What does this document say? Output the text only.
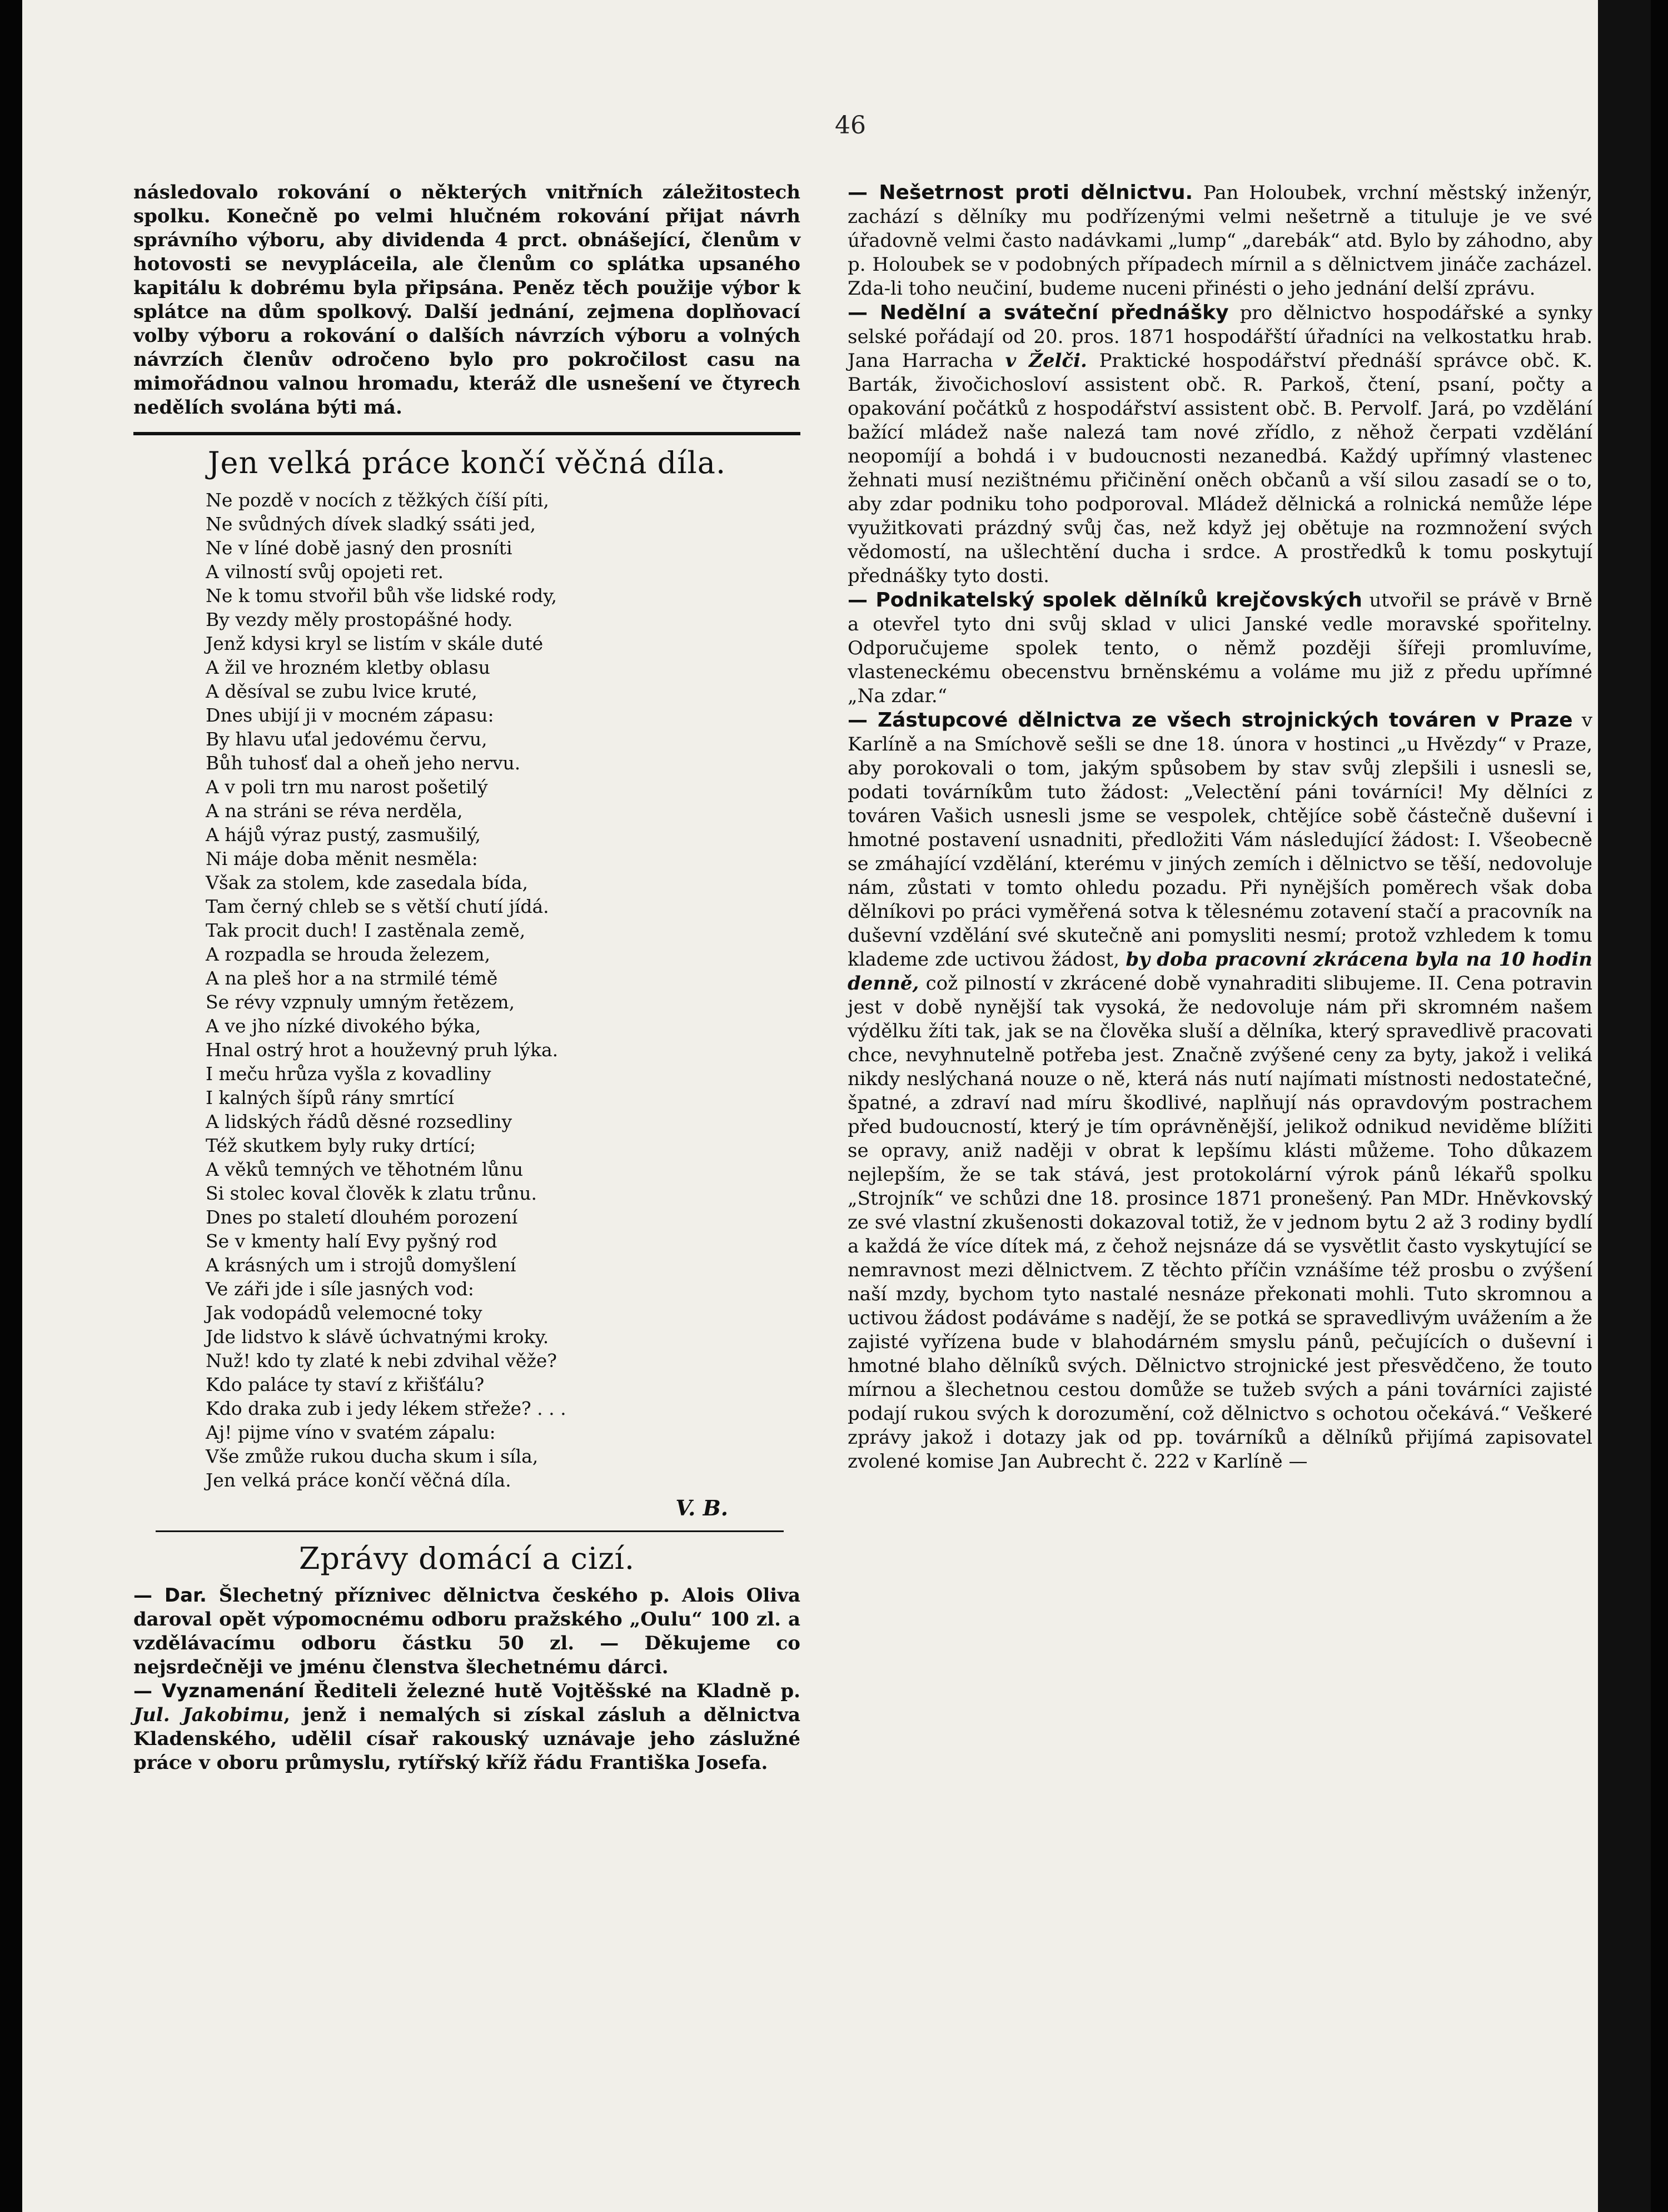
46

následovalo rokování o některých vnitřních záležitostech spolku. Konečně po velmi hlučném rokování přijat návrh správního výboru, aby dividenda 4 prct. obnášející, členům v hotovosti se nevypláceila, ale členům co splátka upsaného kapitálu k dobrému byla připsána. Peněz těch použije výbor k splátce na dům spolkový. Další jednání, zejmena doplňovací volby výboru a rokování o dalších návrzích výboru a volných návrzích členův odročeno bylo pro pokročilost casu na mimořádnou valnou hromadu, kteráž dle usnešení ve čtyrech nedělích svolána býti má.

Jen velká práce končí věčná díla.
Ne pozdě v nocích z těžkých číší píti,
Ne svůdných dívek sladký ssáti jed,
Ne v líné době jasný den prosníti
A vilností svůj opojeti ret.
Ne k tomu stvořil bůh vše lidské rody,
By vezdy měly prostopášné hody.
Jenž kdysi kryl se listím v skále duté
A žil ve hrozném kletby oblasu
A děsíval se zubu lvice kruté,
Dnes ubijí ji v mocném zápasu:
By hlavu uťal jedovému červu,
Bůh tuhosť dal a oheň jeho nervu.
A v poli trn mu narost pošetilý
A na stráni se réva nerděla,
A hájů výraz pustý, zasmušilý,
Ni máje doba měnit nesměla:
Však za stolem, kde zasedala bída,
Tam černý chleb se s větší chutí jídá.
Tak procit duch! I zastěnala země,
A rozpadla se hrouda železem,
A na pleš hor a na strmilé témě
Se révy vzpnuly umným řetězem,
A ve jho nízké divokého býka,
Hnal ostrý hrot a houževný pruh lýka.
I meču hrůza vyšla z kovadliny
I kalných šípů rány smrtící
A lidských řádů děsné rozsedliny
Též skutkem byly ruky drtící;
A věků temných ve těhotném lůnu
Si stolec koval člověk k zlatu trůnu.
Dnes po staletí dlouhém porození
Se v kmenty halí Evy pyšný rod
A krásných um i strojů domyšlení
Ve záři jde i síle jasných vod:
Jak vodopádů velemocné toky
Jde lidstvo k slávě úchvatnými kroky.
Nuž! kdo ty zlaté k nebi zdvihal věže?
Kdo paláce ty staví z křišťálu?
Kdo draka zub i jedy lékem střeže? . . .
Aj! pijme víno v svatém zápalu:
Vše zmůže rukou ducha skum i síla,
Jen velká práce končí věčná díla.
V. B.
Zprávy domácí a cizí.

— Dar. Šlechetný příznivec dělnictva českého p. Alois Oliva daroval opět výpomocnému odboru pražského „Oulu“ 100 zl. a vzdělávacímu odboru částku 50 zl. — Děkujeme co nejsrdečněji ve jménu členstva šlechetnému dárci.

— Vyznamenání Řediteli železné hutě Vojtěšské na Kladně p. Jul. Jakobimu, jenž i nemalých si získal zásluh a dělnictva Kladenského, udělil císař rakouský uznávaje jeho záslužné práce v oboru průmyslu, rytířský kříž řádu Františka Josefa.

— Nešetrnost proti dělnictvu. Pan Holoubek, vrchní městský inženýr, zachází s dělníky mu podřízenými velmi nešetrně a tituluje je ve své úřadovně velmi často nadávkami „lump“ „darebák“ atd. Bylo by záhodno, aby p. Holoubek se v podobných případech mírnil a s dělnictvem jináče zacházel. Zda-li toho neučiní, budeme nuceni přinésti o jeho jednání delší zprávu.

— Nedělní a sváteční přednášky pro dělnictvo hospodářské a synky selské pořádají od 20. pros. 1871 hospodářští úřadníci na velkostatku hrab. Jana Harracha v Želči. Praktické hospodářství přednáší správce obč. K. Barták, živočichosloví assistent obč. R. Parkoš, čtení, psaní, počty a opakování počátků z hospodářství assistent obč. B. Pervolf. Jará, po vzdělání bažící mládež naše nalezá tam nové zřídlo, z něhož čerpati vzdělání neopomíjí a bohdá i v budoucnosti nezanedbá. Každý upřímný vlastenec žehnati musí nezištnému přičinění oněch občanů a vší silou zasadí se o to, aby zdar podniku toho podporoval. Mládež dělnická a rolnická nemůže lépe využitkovati prázdný svůj čas, než když jej obětuje na rozmnožení svých vědomostí, na ušlechtění ducha i srdce. A prostředků k tomu poskytují přednášky tyto dosti.

— Podnikatelský spolek dělníků krejčovských utvořil se právě v Brně a otevřel tyto dni svůj sklad v ulici Janské vedle moravské spořitelny. Odporučujeme spolek tento, o němž později šířeji promluvíme, vlasteneckému obecenstvu brněnskému a voláme mu již z předu upřímné „Na zdar.“

— Zástupcové dělnictva ze všech strojnických továren v Praze v Karlíně a na Smíchově sešli se dne 18. února v hostinci „u Hvězdy“ v Praze, aby porokovali o tom, jakým spůsobem by stav svůj zlepšili i usnesli se, podati továrníkům tuto žádost: „Velectění páni továrníci! My dělníci z továren Vašich usnesli jsme se vespolek, chtějíce sobě částečně duševní i hmotné postavení usnadniti, předložiti Vám následující žádost: I. Všeobecně se zmáhající vzdělání, kterému v jiných zemích i dělnictvo se těší, nedovoluje nám, zůstati v tomto ohledu pozadu. Při nynějších poměrech však doba dělníkovi po práci vyměřená sotva k tělesnému zotavení stačí a pracovník na duševní vzdělání své skutečně ani pomysliti nesmí; protož vzhledem k tomu klademe zde uctivou žádost, by doba pracovní zkrácena byla na 10 hodin denně, což pilností v zkrácené době vynahraditi slibujeme. II. Cena potravin jest v době nynější tak vysoká, že nedovoluje nám při skromném našem výdělku žíti tak, jak se na člověka sluší a dělníka, který spravedlivě pracovati chce, nevyhnutelně potřeba jest. Značně zvýšené ceny za byty, jakož i veliká nikdy neslýchaná nouze o ně, která nás nutí najímati místnosti nedostatečné, špatné, a zdraví nad míru škodlivé, naplňují nás opravdovým postrachem před budoucností, který je tím oprávněnější, jelikož odnikud neviděme blížiti se opravy, aniž naději v obrat k lepšímu klásti můžeme. Toho důkazem nejlepším, že se tak stává, jest protokolární výrok pánů lékařů spolku „Strojník“ ve schůzi dne 18. prosince 1871 pronešený. Pan MDr. Hněvkovský ze své vlastní zkušenosti dokazoval totiž, že v jednom bytu 2 až 3 rodiny bydlí a každá že více dítek má, z čehož nejsnáze dá se vysvětlit často vyskytující se nemravnost mezi dělnictvem. Z těchto příčin vznášíme též prosbu o zvýšení naší mzdy, bychom tyto nastalé nesnáze překonati mohli. Tuto skromnou a uctivou žádost podáváme s nadějí, že se potká se spravedlivým uvážením a že zajisté vyřízena bude v blahodárném smyslu pánů, pečujících o duševní i hmotné blaho dělníků svých. Dělnictvo strojnické jest přesvědčeno, že touto mírnou a šlechetnou cestou domůže se tužeb svých a páni továrníci zajisté podají rukou svých k dorozumění, což dělnictvo s ochotou očekává.“ Veškeré zprávy jakož i dotazy jak od pp. továrníků a dělníků přijímá zapisovatel zvolené komise Jan Aubrecht č. 222 v Karlíně —
